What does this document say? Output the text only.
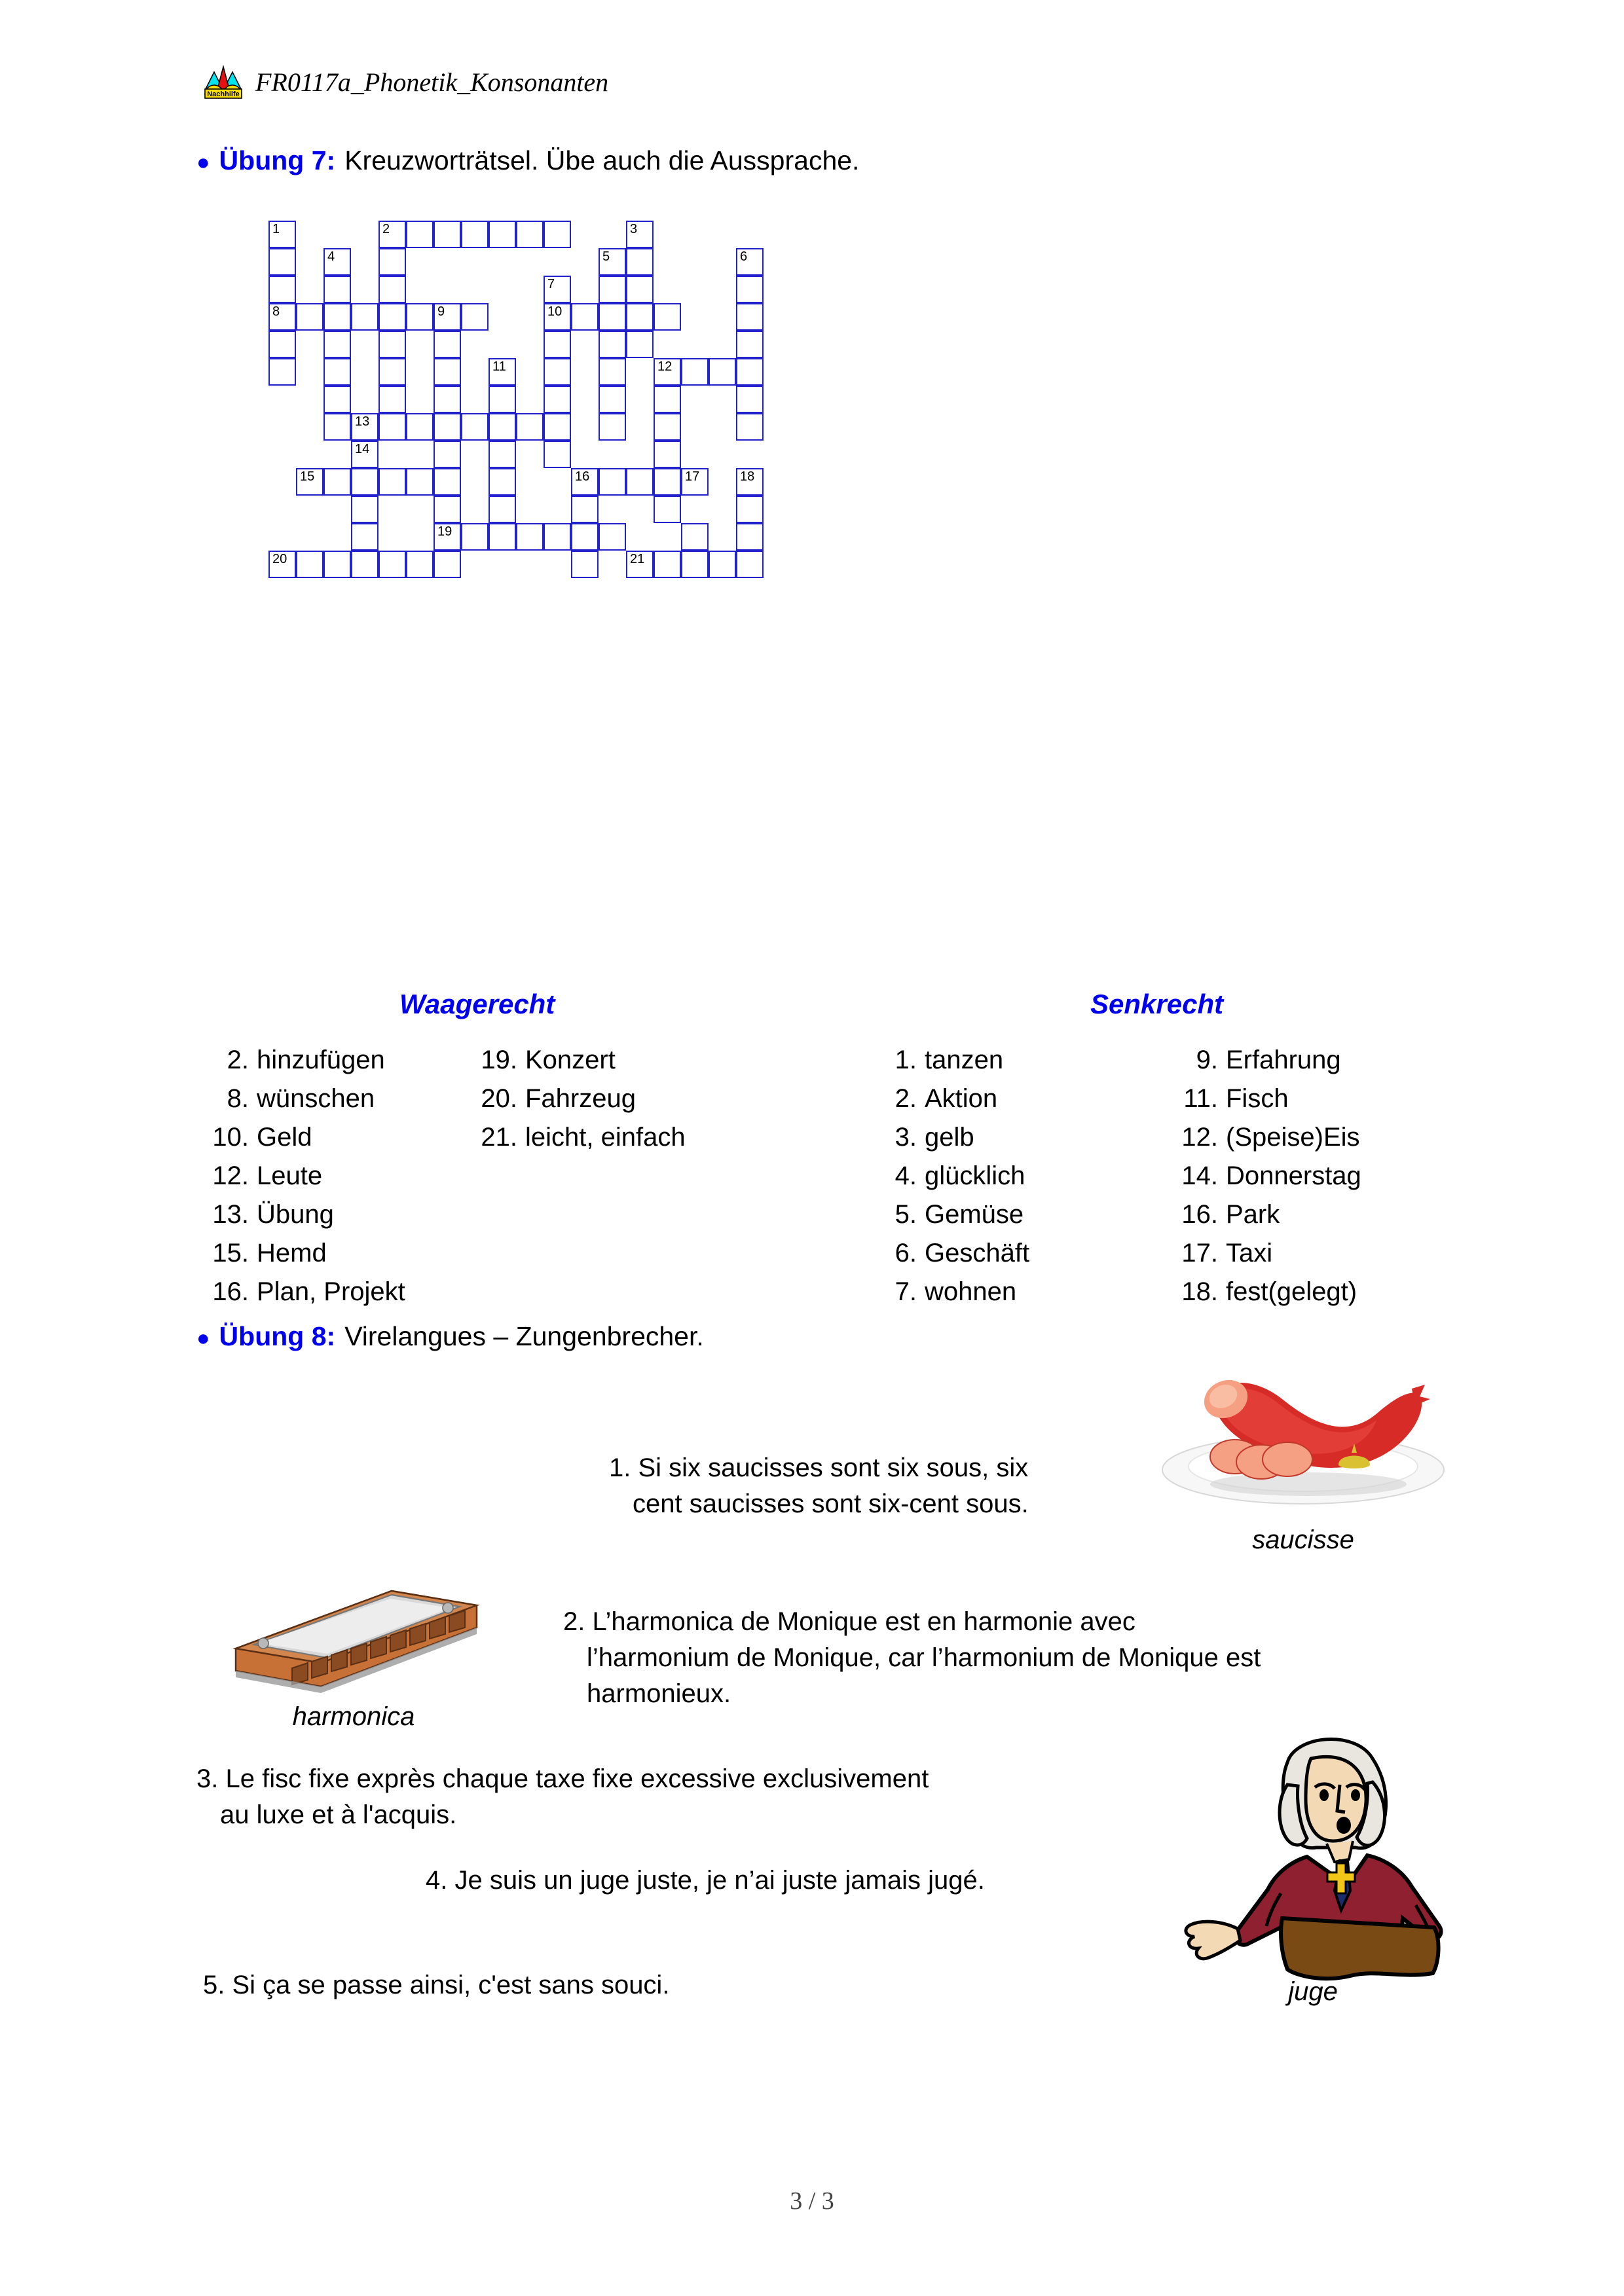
Nachhilfe FR0117a_Phonetik_Konsonanten
● Übung 7: Kreuzworträtsel. Übe auch die Aussprache.
1	2	3
4	5	6
7
8	9	10
11	12
13
14
15	16	17	18
19
20	21
Waagerecht	Senkrecht
2. hinzufügen
8. wünschen
10. Geld
12. Leute
13. Übung
15. Hemd
16. Plan, Projekt
19. Konzert
20. Fahrzeug
21. leicht, einfach
1. tanzen
2. Aktion
3. gelb
4. glücklich
5. Gemüse
6. Geschäft
7. wohnen
9. Erfahrung
11. Fisch
12. (Speise)Eis
14. Donnerstag
16. Park
17. Taxi
18. fest(gelegt)
● Übung 8: Virelangues – Zungenbrecher.
saucisse
harmonica
juge
1. Si six saucisses sont six sous, six
cent saucisses sont six-cent sous.
2. L’harmonica de Monique est en harmonie avec
l’harmonium de Monique, car l’harmonium de Monique est
harmonieux.
3. Le fisc fixe exprès chaque taxe fixe excessive exclusivement
au luxe et à l'acquis.
4. Je suis un juge juste, je n’ai juste jamais jugé.
5. Si ça se passe ainsi, c'est sans souci.
3 / 3
